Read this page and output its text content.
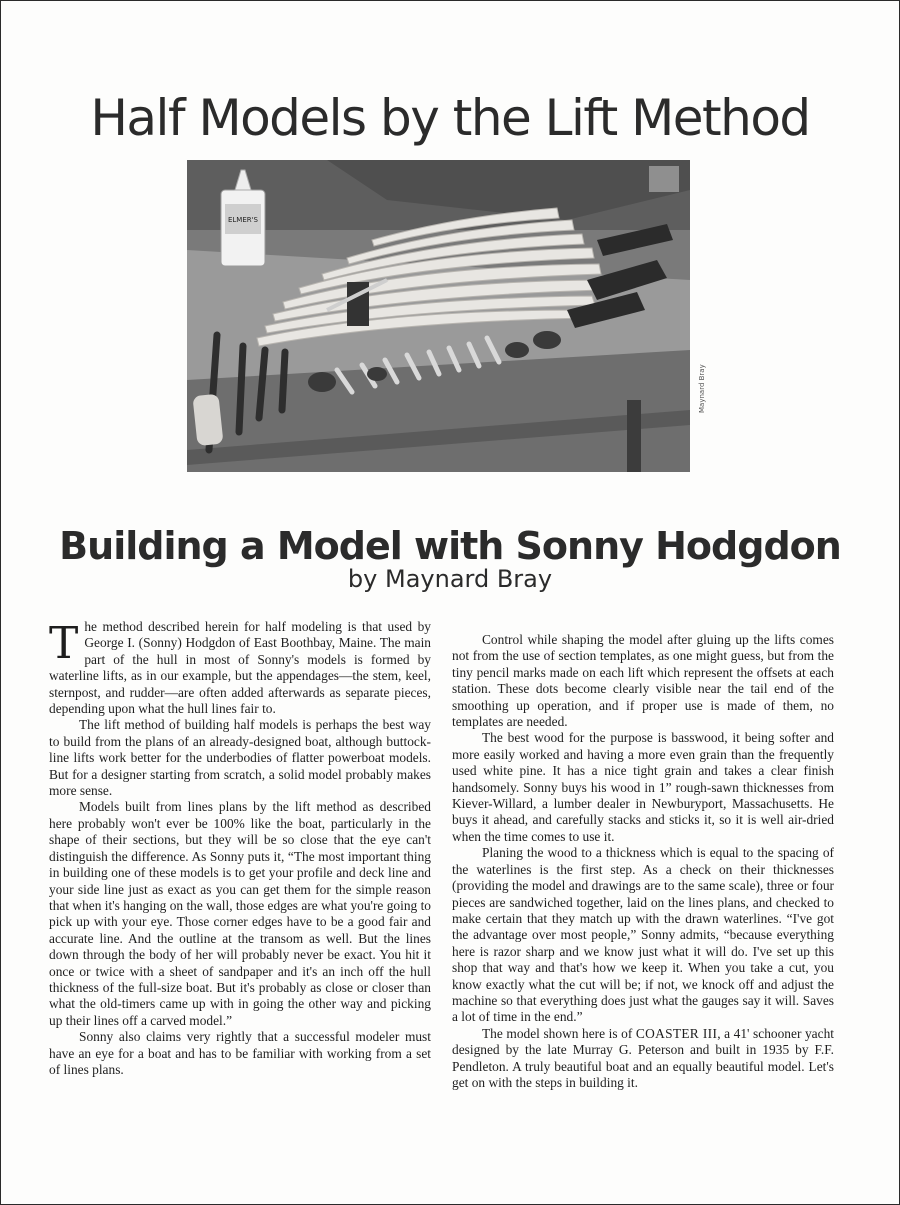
Half Models by the Lift Method
ELMER'S
Maynard Bray
Building a Model with Sonny Hodgdon
by Maynard Bray

The method described herein for half modeling is that used by George I. (Sonny) Hodgdon of East Boothbay, Maine. The main part of the hull in most of Sonny's models is formed by waterline lifts, as in our example, but the appendages—the stem, keel, sternpost, and rudder—are often added afterwards as separate pieces, depending upon what the hull lines fair to.

The lift method of building half models is perhaps the best way to build from the plans of an already-designed boat, although buttock-line lifts work better for the underbodies of flatter powerboat models. But for a designer starting from scratch, a solid model probably makes more sense.

Models built from lines plans by the lift method as described here probably won't ever be 100% like the boat, particularly in the shape of their sections, but they will be so close that the eye can't distinguish the difference. As Sonny puts it, “The most important thing in building one of these models is to get your profile and deck line and your side line just as exact as you can get them for the simple reason that when it's hanging on the wall, those edges are what you're going to pick up with your eye. Those corner edges have to be a good fair and accurate line. And the outline at the transom as well. But the lines down through the body of her will probably never be exact. You hit it once or twice with a sheet of sandpaper and it's an inch off the hull thickness of the full-size boat. But it's probably as close or closer than what the old-timers came up with in going the other way and picking up their lines off a carved model.”

Sonny also claims very rightly that a successful modeler must have an eye for a boat and has to be familiar with working from a set of lines plans.

Control while shaping the model after gluing up the lifts comes not from the use of section templates, as one might guess, but from the tiny pencil marks made on each lift which represent the offsets at each station. These dots become clearly visible near the tail end of the smoothing up operation, and if proper use is made of them, no templates are needed.

The best wood for the purpose is basswood, it being softer and more easily worked and having a more even grain than the frequently used white pine. It has a nice tight grain and takes a clear finish handsomely. Sonny buys his wood in 1” rough-sawn thicknesses from Kiever-Willard, a lumber dealer in Newburyport, Massachusetts. He buys it ahead, and carefully stacks and sticks it, so it is well air-dried when the time comes to use it.

Planing the wood to a thickness which is equal to the spacing of the waterlines is the first step. As a check on their thicknesses (providing the model and drawings are to the same scale), three or four pieces are sandwiched together, laid on the lines plans, and checked to make certain that they match up with the drawn waterlines. “I've got the advantage over most people,” Sonny admits, “because everything here is razor sharp and we know just what it will do. I've set up this shop that way and that's how we keep it. When you take a cut, you know exactly what the cut will be; if not, we knock off and adjust the machine so that everything does just what the gauges say it will. Saves a lot of time in the end.”

The model shown here is of COASTER III, a 41' schooner yacht designed by the late Murray G. Peterson and built in 1935 by F.F. Pendleton. A truly beautiful boat and an equally beautiful model. Let's get on with the steps in building it.
